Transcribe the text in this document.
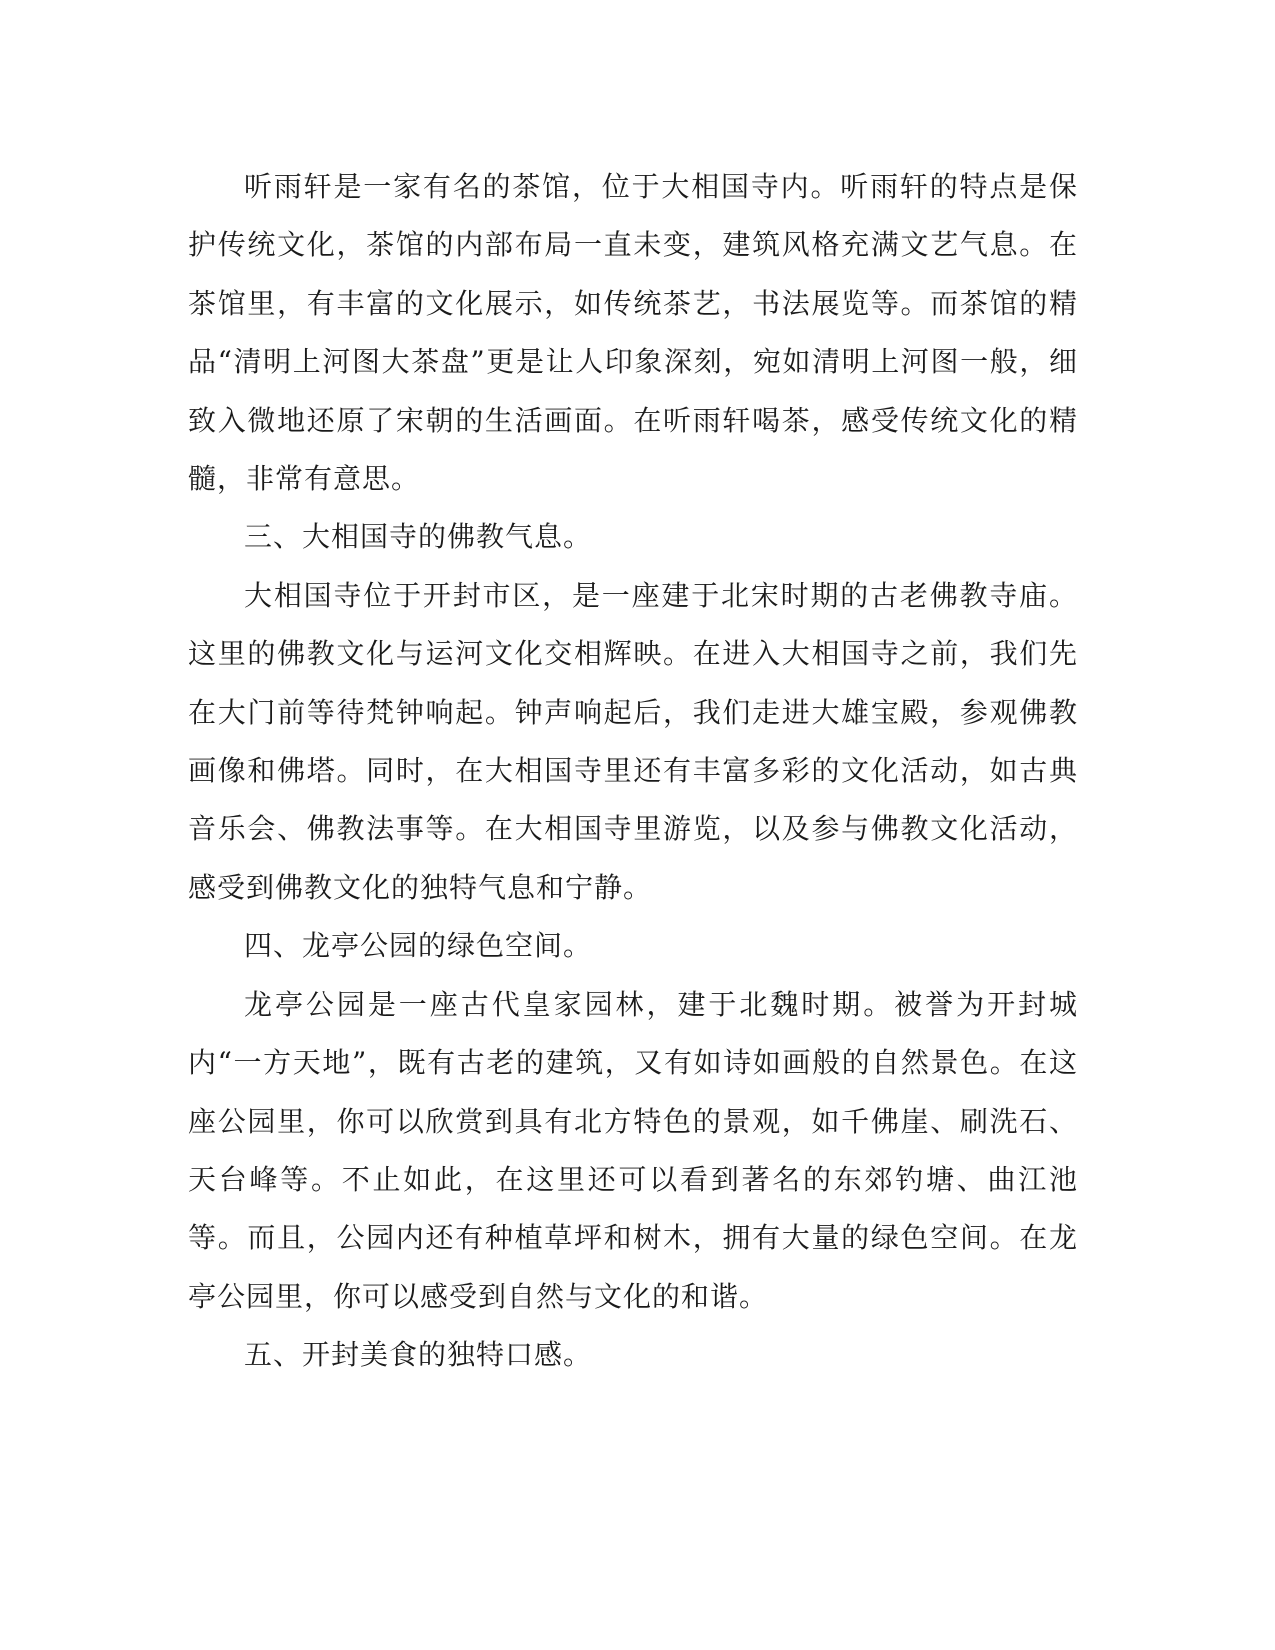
听雨轩是一家有名的茶馆，位于大相国寺内。听雨轩的特点是保护传统文化，茶馆的内部布局一直未变，建筑风格充满文艺气息。在茶馆里，有丰富的文化展示，如传统茶艺，书法展览等。而茶馆的精品“清明上河图大茶盘”更是让人印象深刻，宛如清明上河图一般，细致入微地还原了宋朝的生活画面。在听雨轩喝茶，感受传统文化的精髓，非常有意思。

三、大相国寺的佛教气息。

大相国寺位于开封市区，是一座建于北宋时期的古老佛教寺庙。这里的佛教文化与运河文化交相辉映。在进入大相国寺之前，我们先在大门前等待梵钟响起。钟声响起后，我们走进大雄宝殿，参观佛教画像和佛塔。同时，在大相国寺里还有丰富多彩的文化活动，如古典音乐会、佛教法事等。在大相国寺里游览，以及参与佛教文化活动，感受到佛教文化的独特气息和宁静。

四、龙亭公园的绿色空间。

龙亭公园是一座古代皇家园林，建于北魏时期。被誉为开封城内“一方天地”，既有古老的建筑，又有如诗如画般的自然景色。在这座公园里，你可以欣赏到具有北方特色的景观，如千佛崖、刷洗石、天台峰等。不止如此，在这里还可以看到著名的东郊钓塘、曲江池等。而且，公园内还有种植草坪和树木，拥有大量的绿色空间。在龙亭公园里，你可以感受到自然与文化的和谐。

五、开封美食的独特口感。
